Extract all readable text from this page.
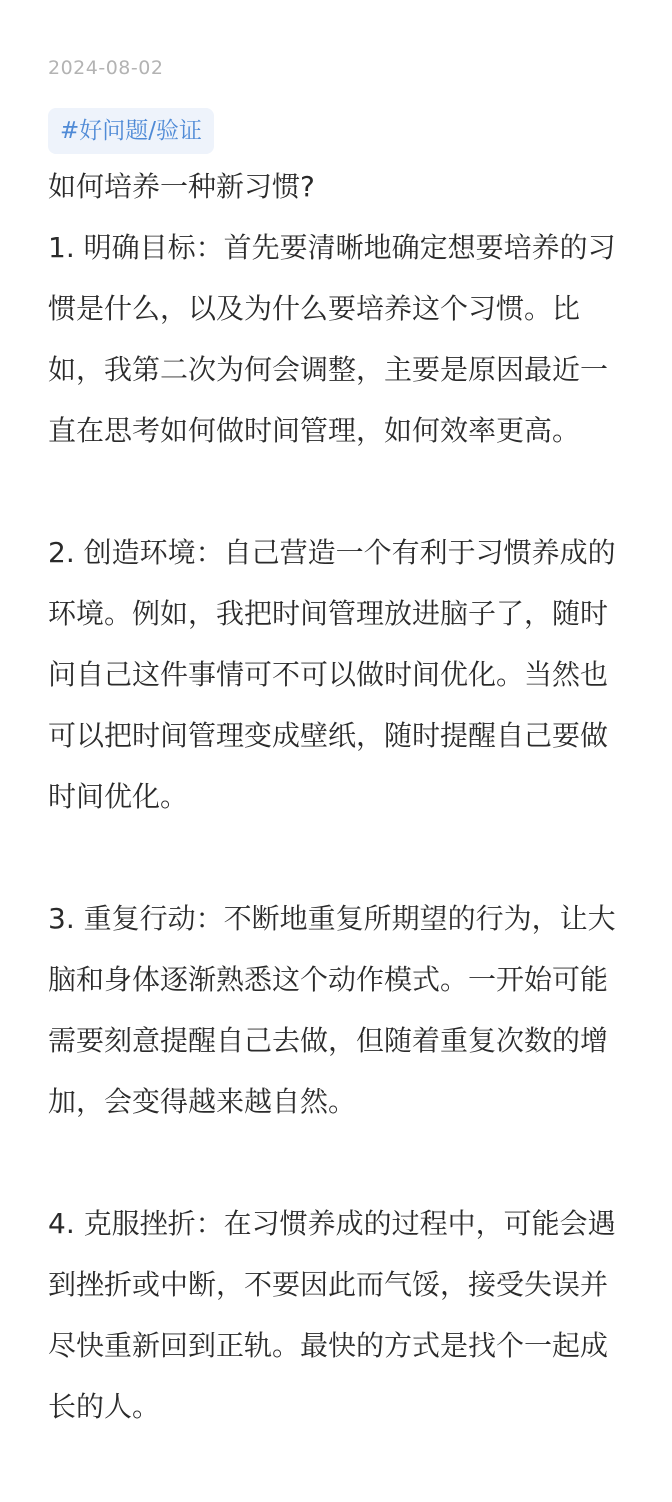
2024-08-02
#好问题/验证

如何培养一种新习惯?

1. 明确目标：首先要清晰地确定想要培养的习惯是什么，以及为什么要培养这个习惯。比如，我第二次为何会调整，主要是原因最近一直在思考如何做时间管理，如何效率更高。

2. 创造环境：自己营造一个有利于习惯养成的环境。例如，我把时间管理放进脑子了，随时问自己这件事情可不可以做时间优化。当然也可以把时间管理变成壁纸，随时提醒自己要做时间优化。

3. 重复行动：不断地重复所期望的行为，让大脑和身体逐渐熟悉这个动作模式。一开始可能需要刻意提醒自己去做，但随着重复次数的增加，会变得越来越自然。

4. 克服挫折：在习惯养成的过程中，可能会遇到挫折或中断，不要因此而气馁，接受失误并尽快重新回到正轨。最快的方式是找个一起成长的人。
